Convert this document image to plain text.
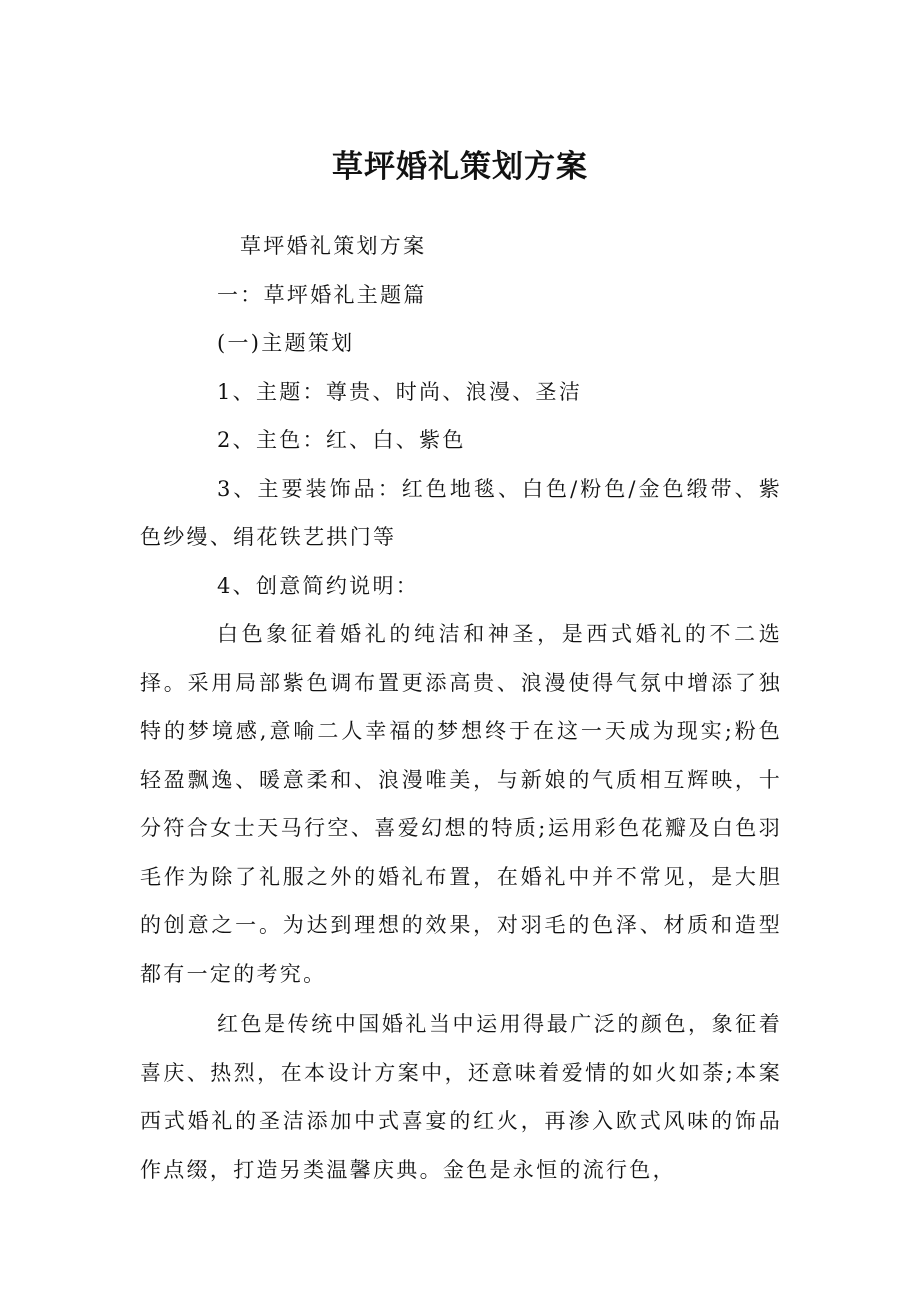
草坪婚礼策划方案

草坪婚礼策划方案

一：草坪婚礼主题篇

(一)主题策划

1、主题：尊贵、时尚、浪漫、圣洁

2、主色：红、白、紫色

3、主要装饰品：红色地毯、白色/粉色/金色缎带、紫色纱缦、绢花铁艺拱门等

4、创意简约说明：

白色象征着婚礼的纯洁和神圣，是西式婚礼的不二选择。采用局部紫色调布置更添高贵、浪漫使得气氛中增添了独特的梦境感,意喻二人幸福的梦想终于在这一天成为现实;粉色轻盈飘逸、暖意柔和、浪漫唯美，与新娘的气质相互辉映，十分符合女士天马行空、喜爱幻想的特质;运用彩色花瓣及白色羽毛作为除了礼服之外的婚礼布置，在婚礼中并不常见，是大胆的创意之一。为达到理想的效果，对羽毛的色泽、材质和造型都有一定的考究。

红色是传统中国婚礼当中运用得最广泛的颜色，象征着喜庆、热烈，在本设计方案中，还意味着爱情的如火如荼;本案西式婚礼的圣洁添加中式喜宴的红火，再渗入欧式风味的饰品作点缀，打造另类温馨庆典。金色是永恒的流行色，
